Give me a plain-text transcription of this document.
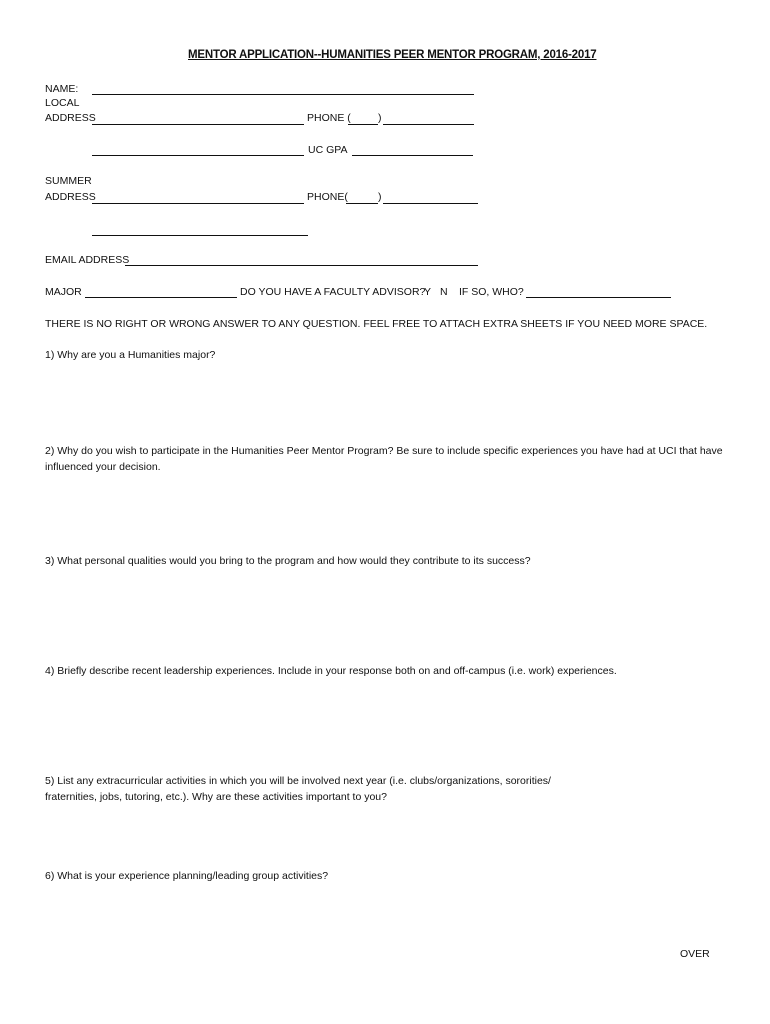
MENTOR APPLICATION--HUMANITIES PEER MENTOR PROGRAM, 2016-2017
NAME:
LOCAL
ADDRESS	PHONE (	)
UC GPA
SUMMER
ADDRESS	PHONE(	)
EMAIL ADDRESS
MAJOR	DO YOU HAVE A FACULTY ADVISOR?
Y N IF SO, WHO?
THERE IS NO RIGHT OR WRONG ANSWER TO ANY QUESTION. FEEL FREE TO ATTACH EXTRA SHEETS IF YOU NEED MORE SPACE.
1) Why are you a Humanities major?
2) Why do you wish to participate in the Humanities Peer Mentor Program? Be sure to include specific experiences you have had at UCI that have influenced your decision.
3) What personal qualities would you bring to the program and how would they contribute to its success?
4) Briefly describe recent leadership experiences. Include in your response both on and off-campus (i.e. work) experiences.
5) List any extracurricular activities in which you will be involved next year (i.e. clubs/organizations, sororities/ fraternities, jobs, tutoring, etc.). Why are these activities important to you?
6) What is your experience planning/leading group activities?
OVER
